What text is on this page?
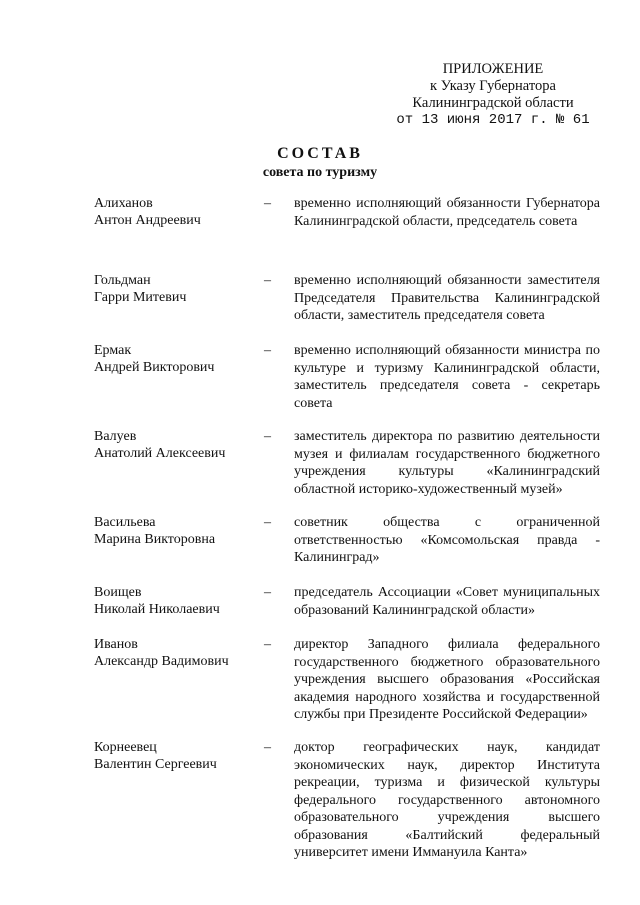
ПРИЛОЖЕНИЕ
к Указу Губернатора
Калининградской области
от 13 июня 2017 г. № 61
СОСТАВ
совета по туризму
Алиханов
Антон Андреевич
–	временно исполняющий обязанности Губернатора Калининградской области, председатель совета
Гольдман
Гарри Митевич
–	временно исполняющий обязанности заместителя Председателя Правительства Калининградской области, заместитель председателя совета
Ермак
Андрей Викторович
–	временно исполняющий обязанности министра по культуре и туризму Калининградской области, заместитель председателя совета - секретарь совета
Валуев
Анатолий Алексеевич
–	заместитель директора по развитию деятельности музея и филиалам государственного бюджетного учреждения культуры «Калининградский областной историко-художественный музей»
Васильева
Марина Викторовна
–	советник общества с ограниченной ответственностью «Комсомольская правда - Калининград»
Воищев
Николай Николаевич
–	председатель Ассоциации «Совет муниципальных образований Калининградской области»
Иванов
Александр Вадимович
–	директор Западного филиала федерального государственного бюджетного образовательного учреждения высшего образования «Российская академия народного хозяйства и государственной службы при Президенте Российской Федерации»
Корнеевец
Валентин Сергеевич
–	доктор географических наук, кандидат экономических наук, директор Института рекреации, туризма и физической культуры федерального государственного автономного образовательного учреждения высшего образования «Балтийский федеральный университет имени Иммануила Канта»
